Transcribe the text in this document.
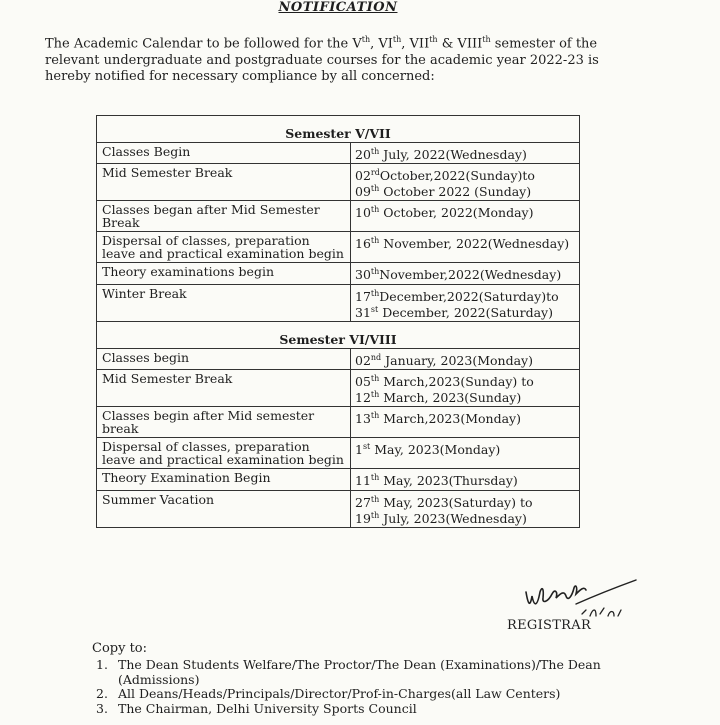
NOTIFICATION

The Academic Calendar to be followed for the Vth, VIth, VIIth & VIIIth semester of the relevant undergraduate and postgraduate courses for the academic year 2022-23 is hereby notified for necessary compliance by all concerned:

Semester V/VII	
Classes Begin	20th July, 2022(Wednesday)

Mid Semester Break	02rdOctober,2022(Sunday)to
09th October 2022 (Sunday)

Classes began after Mid Semester Break	10th October, 2022(Monday)

Dispersal of classes, preparation leave and practical examination begin	16th November, 2022(Wednesday)

Theory examinations begin	30thNovember,2022(Wednesday)

Winter Break	17thDecember,2022(Saturday)to
31st December, 2022(Saturday)

Semester VI/VIII	
Classes begin	02nd January, 2023(Monday)

Mid Semester Break	05th March,2023(Sunday) to
12th March, 2023(Sunday)

Classes begin after Mid semester break	13th March,2023(Monday)

Dispersal of classes, preparation leave and practical examination begin	1st May, 2023(Monday)

Theory Examination Begin	11th May, 2023(Thursday)

Summer Vacation	27th May, 2023(Saturday) to
19th July, 2023(Wednesday)
REGISTRAR
Copy to:
1. The Dean Students Welfare/The Proctor/The Dean (Examinations)/The Dean (Admissions)
2. All Deans/Heads/Principals/Director/Prof-in-Charges(all Law Centers)
3. The Chairman, Delhi University Sports Council
